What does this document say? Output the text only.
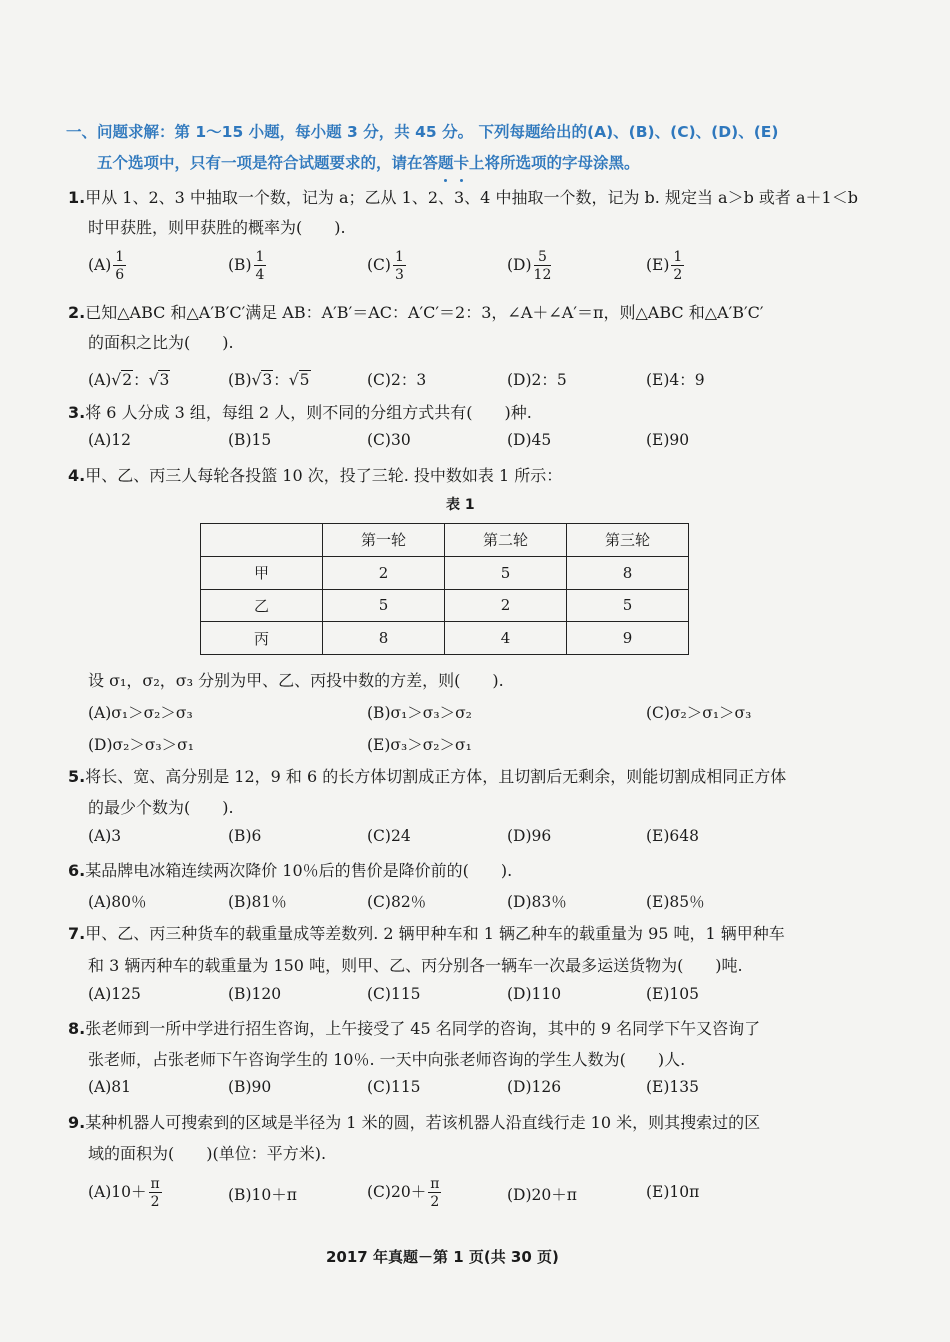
一、问题求解：第 1～15 小题，每小题 3 分，共 45 分。 下列每题给出的(A)、(B)、(C)、(D)、(E)
五个选项中，只有一项是符合试题要求的，请在答题卡上将所选项的字母涂黑。
1.甲从 1、2、3 中抽取一个数，记为 a；乙从 1、2、3、4 中抽取一个数，记为 b. 规定当 a＞b 或者 a＋1＜b
时甲获胜，则甲获胜的概率为(　　).
$(A) \frac{1}{6}$	$(B) \frac{1}{4}$	$(C) \frac{1}{3}$	$(D) \frac{5}{12}$	$(E) \frac{1}{2}$
2.已知△ABC 和△A′B′C′满足 AB：A′B′＝AC：A′C′＝2：3，∠A＋∠A′＝π，则△ABC 和△A′B′C′
的面积之比为(　　).
(A)√2：√3	(B)√3：√5	(C)2：3	(D)2：5	(E)4：9
3.将 6 人分成 3 组，每组 2 人，则不同的分组方式共有(　　)种.
(A)12	(B)15	(C)30	(D)45	(E)90
4.甲、乙、丙三人每轮各投篮 10 次，投了三轮. 投中数如表 1 所示：
表 1
	第一轮	第二轮	第三轮
甲	2	5	8
乙	5	2	5
丙	8	4	9
设 σ₁，σ₂，σ₃ 分别为甲、乙、丙投中数的方差，则(　　).
(A)σ₁＞σ₂＞σ₃	(B)σ₁＞σ₃＞σ₂	(C)σ₂＞σ₁＞σ₃
(D)σ₂＞σ₃＞σ₁	(E)σ₃＞σ₂＞σ₁
5.将长、宽、高分别是 12，9 和 6 的长方体切割成正方体，且切割后无剩余，则能切割成相同正方体
的最少个数为(　　).
(A)3	(B)6	(C)24	(D)96	(E)648
6.某品牌电冰箱连续两次降价 10％后的售价是降价前的(　　).
(A)80％	(B)81％	(C)82％	(D)83％	(E)85％
7.甲、乙、丙三种货车的载重量成等差数列. 2 辆甲种车和 1 辆乙种车的载重量为 95 吨，1 辆甲种车
和 3 辆丙种车的载重量为 150 吨，则甲、乙、丙分别各一辆车一次最多运送货物为(　　)吨.
(A)125	(B)120	(C)115	(D)110	(E)105
8.张老师到一所中学进行招生咨询，上午接受了 45 名同学的咨询，其中的 9 名同学下午又咨询了
张老师，占张老师下午咨询学生的 10％. 一天中向张老师咨询的学生人数为(　　)人.
(A)81	(B)90	(C)115	(D)126	(E)135
9.某种机器人可搜索到的区域是半径为 1 米的圆，若该机器人沿直线行走 10 米，则其搜索过的区
域的面积为(　　)(单位：平方米).
$(A)10+ \frac{\pi}{2}$	(B)10＋π	$(C)20+ \frac{\pi}{2}$	(D)20＋π	(E)10π
2017 年真题－第 1 页(共 30 页)
